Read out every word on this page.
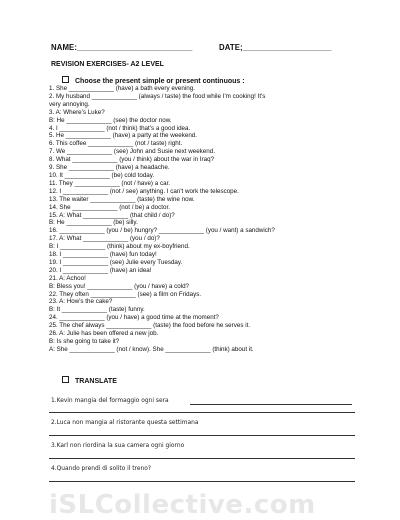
NAME:__________________________	DATE;____________________
REVISION EXERCISES- A2 LEVEL
Choose the present simple or present continuous :
1. She _____________ (have) a bath every evening.
2. My husband _____________ (always / taste) the food while I'm cooking! It's
very annoying.
3. A: Where's Luke?
B: He _____________ (see) the doctor now.
4. I _____________ (not / think) that's a good idea.
5. He _____________ (have) a party at the weekend.
6. This coffee _____________ (not / taste) right.
7. We _____________ (see) John and Susie next weekend.
8. What _____________ (you / think) about the war in Iraq?
9. She _____________ (have) a headache.
10. It _____________ (be) cold today.
11. They _____________ (not / have) a car.
12. I _____________ (not / see) anything. I can't work the telescope.
13. The waiter _____________ (taste) the wine now.
14. She _____________ (not / be) a doctor.
15. A: What _____________ (that child / do)?
B: He _____________ (be) silly.
16. _____________ (you / be) hungry? _____________ (you / want) a sandwich?
17. A: What _____________ (you / do)?
B: I _____________ (think) about my ex-boyfriend.
18. I _____________ (have) fun today!
19. I _____________ (see) Julie every Tuesday.
20. I _____________ (have) an idea!
21. A: Achoo!
B: Bless you! _____________ (you / have) a cold?
22. They often _____________ (see) a film on Fridays.
23. A: How's the cake?
B: It _____________ (taste) funny.
24. _____________ (you / have) a good time at the moment?
25. The chef always _____________ (taste) the food before he serves it.
26. A: Julie has been offered a new job.
B: Is she going to take it?
A: She _____________ (not / know). She _____________ (think) about it.
TRANSLATE
1.Kevin mangia del formaggio ogni sera
2.Luca non mangia al ristorante questa settimana
3.Karl non riordina la sua camera ogni giorno
4.Quando prendi di solito il treno?
iSLCollective.com
